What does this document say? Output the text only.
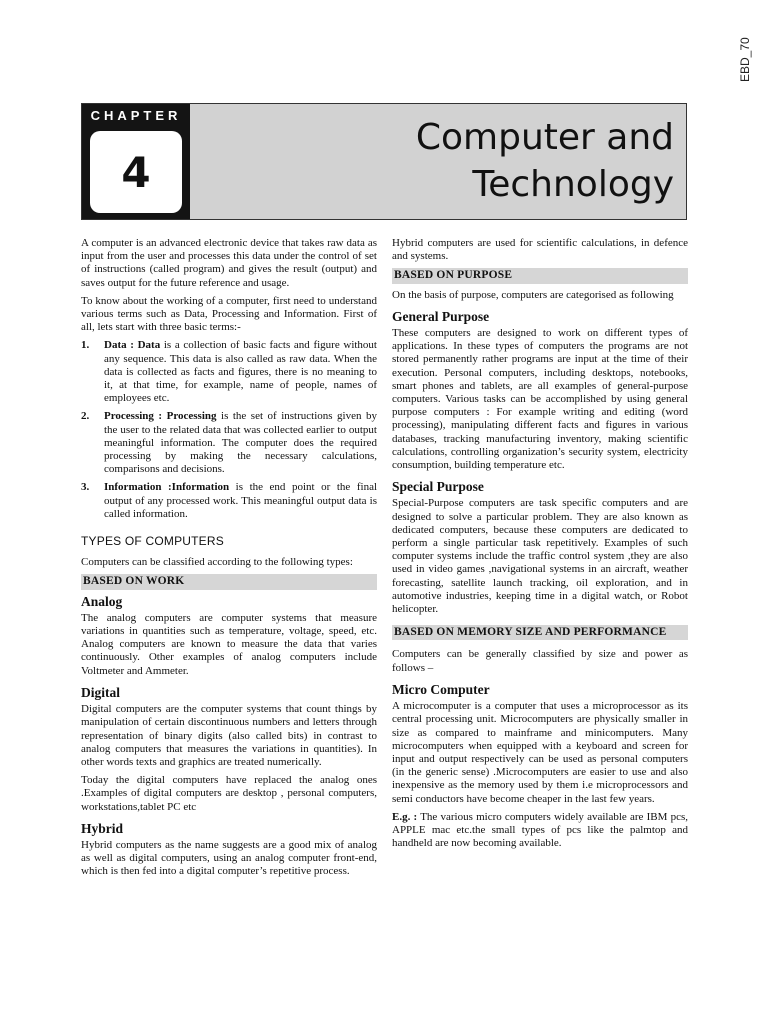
EBD_70
CHAPTER
4
Computer and
Technology

A computer is an advanced electronic device that takes raw data as input from the user and processes this data under the control of set of instructions (called program) and gives the result (output) and saves output for the future reference and usage.

To know about the working of a computer, first need to understand various terms such as Data, Processing and Information. First of all, lets start with three basic terms:-

1. Data : Data is a collection of basic facts and figure without any sequence. This data is also called as raw data. When the data is collected as facts and figures, there is no meaning to it, at that time, for example, name of people, names of employees etc.
2. Processing : Processing is the set of instructions given by the user to the related data that was collected earlier to output meaningful information. The computer does the required processing by making the necessary calculations, comparisons and decisions.
3. Information :Information is the end point or the final output of any processed work. This meaningful output data is called information.
TYPES OF COMPUTERS

Computers can be classified according to the following types:

BASED ON WORK
Analog

The analog computers are computer systems that measure variations in quantities such as temperature, voltage, speed, etc. Analog computers are known to measure the data that varies continuously. Other examples of analog computers include Voltmeter and Ammeter.

Digital

Digital computers are the computer systems that count things by manipulation of certain discontinuous numbers and letters through representation of binary digits (also called bits) in contrast to analog computers that measures the variations in quantities). In other words texts and graphics are treated numerically.

Today the digital computers have replaced the analog ones .Examples of digital computers are desktop , personal computers, workstations,tablet PC etc

Hybrid

Hybrid computers as the name suggests are a good mix of analog as well as digital computers, using an analog computer front-end, which is then fed into a digital computer’s repetitive process.

Hybrid computers are used for scientific calculations, in defence and systems.

BASED ON PURPOSE

On the basis of purpose, computers are categorised as following

General Purpose

These computers are designed to work on different types of applications. In these types of computers the programs are not stored permanently rather programs are input at the time of their execution. Personal computers, including desktops, notebooks, smart phones and tablets, are all examples of general-purpose computers. Various tasks can be accomplished by using general purpose computers : For example writing and editing (word processing), manipulating different facts and figures in various databases, tracking manufacturing inventory, making scientific calculations, controlling organization’s security system, electricity consumption, building temperature etc.

Special Purpose

Special-Purpose computers are task specific computers and are designed to solve a particular problem. They are also known as dedicated computers, because these computers are dedicated to perform a single particular task repetitively. Examples of such computer systems include the traffic control system ,they are also used in video games ,navigational systems in an aircraft, weather forecasting, satellite launch tracking, oil exploration, and in automotive industries, keeping time in a digital watch, or Robot helicopter.

BASED ON MEMORY SIZE AND PERFORMANCE

Computers can be generally classified by size and power as follows –

Micro Computer

A microcomputer is a computer that uses a microprocessor as its central processing unit. Microcomputers are physically smaller in size as compared to mainframe and minicomputers. Many microcomputers when equipped with a keyboard and screen for input and output respectively can be used as personal computers (in the generic sense) .Microcomputers are easier to use and also inexpensive as the memory used by them i.e microprocessors and semi conductors have become cheaper in the last few years.

E.g. : The various micro computers widely available are IBM pcs, APPLE mac etc.the small types of pcs like the palmtop and handheld are now becoming available.
